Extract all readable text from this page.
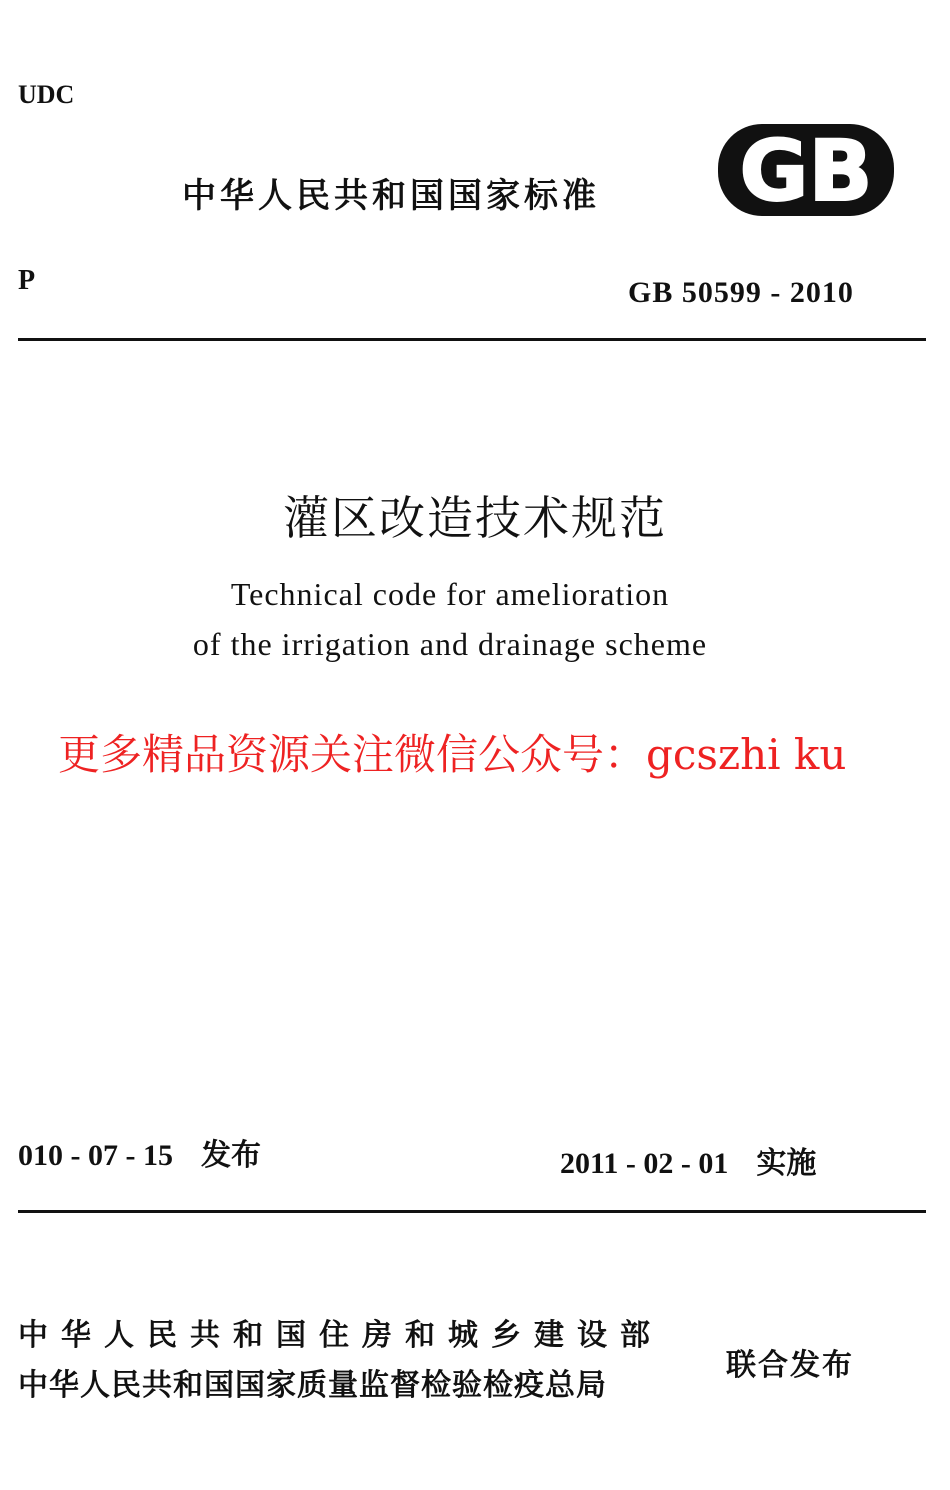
UDC
中华人民共和国国家标准 GB
P	GB 50599 - 2010
灌区改造技术规范
Technical code for amelioration
of the irrigation and drainage scheme
更多精品资源关注微信公众号：gcszhi ku
010 - 07 - 15 发布	2011 - 02 - 01 实施
中华人民共和国住房和城乡建设部
中华人民共和国国家质量监督检验检疫总局
联合发布
